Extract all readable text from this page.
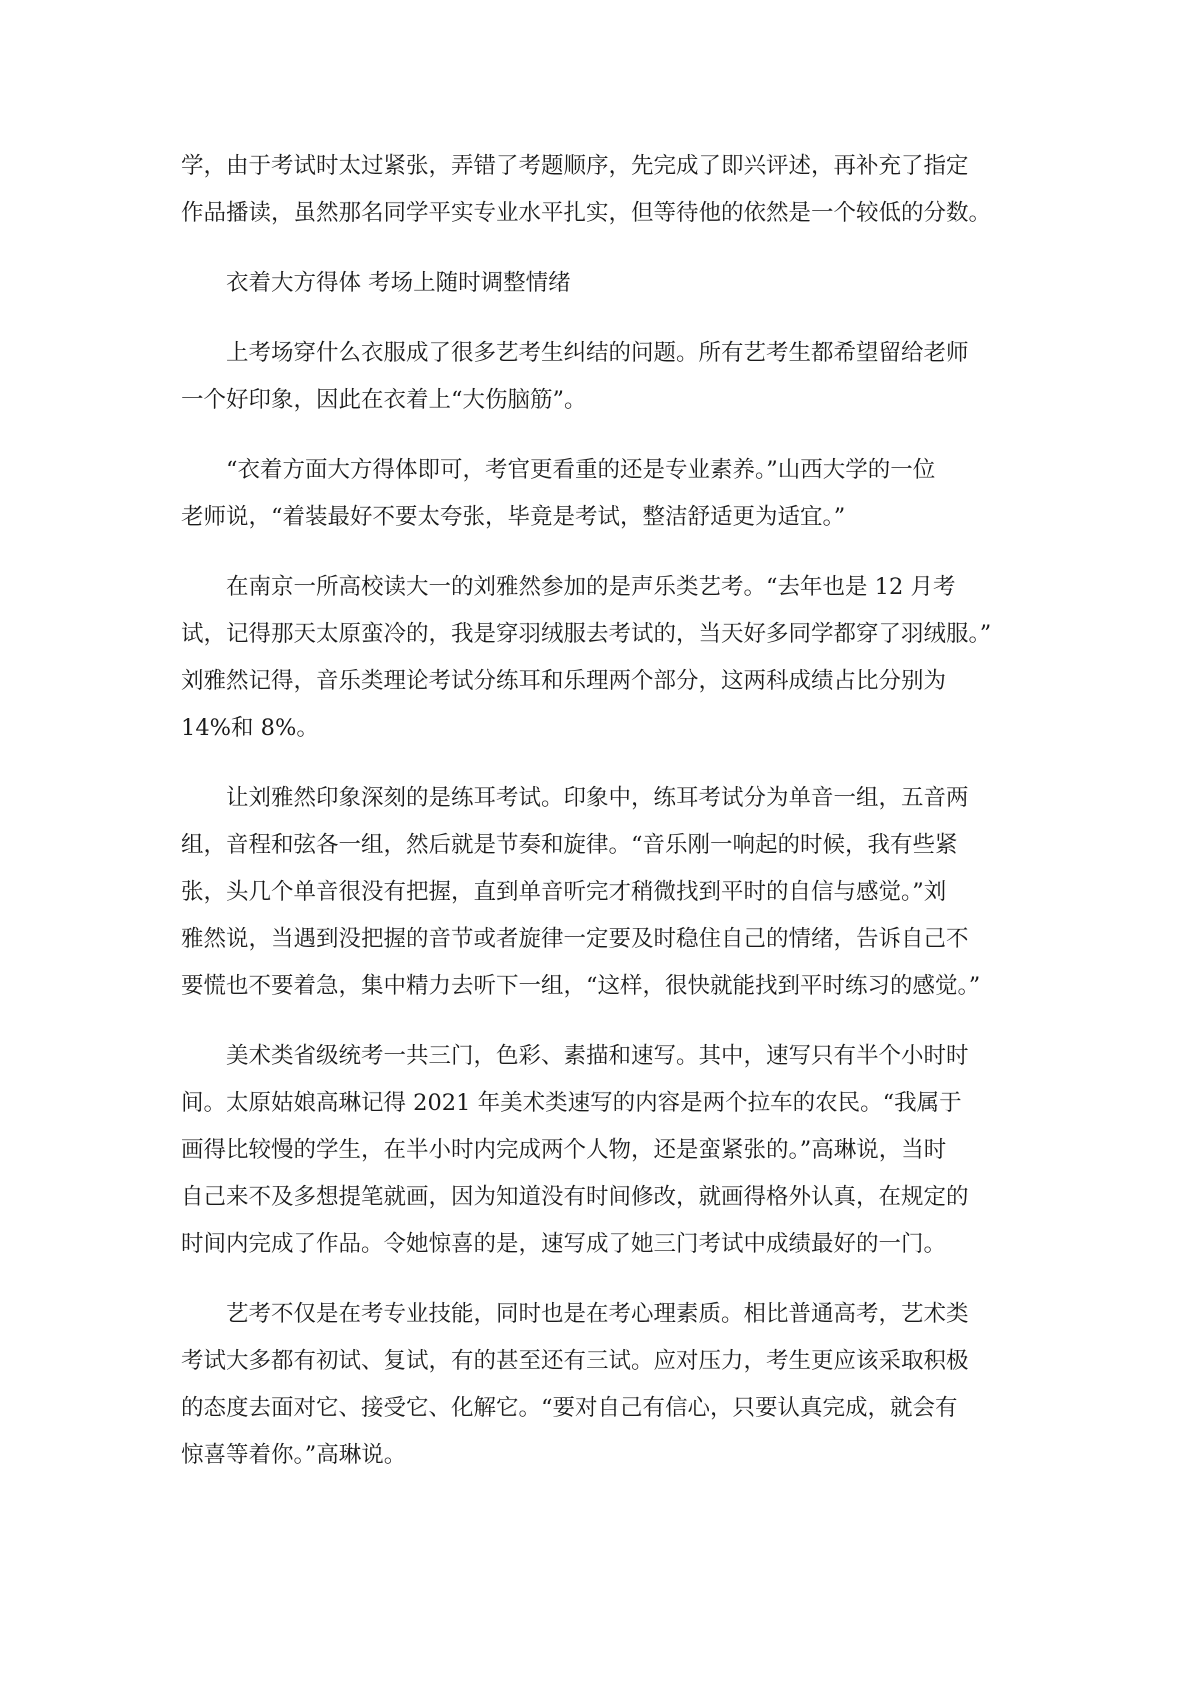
学，由于考试时太过紧张，弄错了考题顺序，先完成了即兴评述，再补充了指定
作品播读，虽然那名同学平实专业水平扎实，但等待他的依然是一个较低的分数。

衣着大方得体 考场上随时调整情绪

上考场穿什么衣服成了很多艺考生纠结的问题。所有艺考生都希望留给老师
一个好印象，因此在衣着上“大伤脑筋”。

“衣着方面大方得体即可，考官更看重的还是专业素养。”山西大学的一位
老师说，“着装最好不要太夸张，毕竟是考试，整洁舒适更为适宜。”

在南京一所高校读大一的刘雅然参加的是声乐类艺考。“去年也是 12 月考
试，记得那天太原蛮冷的，我是穿羽绒服去考试的，当天好多同学都穿了羽绒服。”
刘雅然记得，音乐类理论考试分练耳和乐理两个部分，这两科成绩占比分别为
14%和 8%。

让刘雅然印象深刻的是练耳考试。印象中，练耳考试分为单音一组，五音两
组，音程和弦各一组，然后就是节奏和旋律。“音乐刚一响起的时候，我有些紧
张，头几个单音很没有把握，直到单音听完才稍微找到平时的自信与感觉。”刘
雅然说，当遇到没把握的音节或者旋律一定要及时稳住自己的情绪，告诉自己不
要慌也不要着急，集中精力去听下一组，“这样，很快就能找到平时练习的感觉。”

美术类省级统考一共三门，色彩、素描和速写。其中，速写只有半个小时时
间。太原姑娘高琳记得 2021 年美术类速写的内容是两个拉车的农民。“我属于
画得比较慢的学生，在半小时内完成两个人物，还是蛮紧张的。”高琳说，当时
自己来不及多想提笔就画，因为知道没有时间修改，就画得格外认真，在规定的
时间内完成了作品。令她惊喜的是，速写成了她三门考试中成绩最好的一门。

艺考不仅是在考专业技能，同时也是在考心理素质。相比普通高考，艺术类
考试大多都有初试、复试，有的甚至还有三试。应对压力，考生更应该采取积极
的态度去面对它、接受它、化解它。“要对自己有信心，只要认真完成，就会有
惊喜等着你。”高琳说。
